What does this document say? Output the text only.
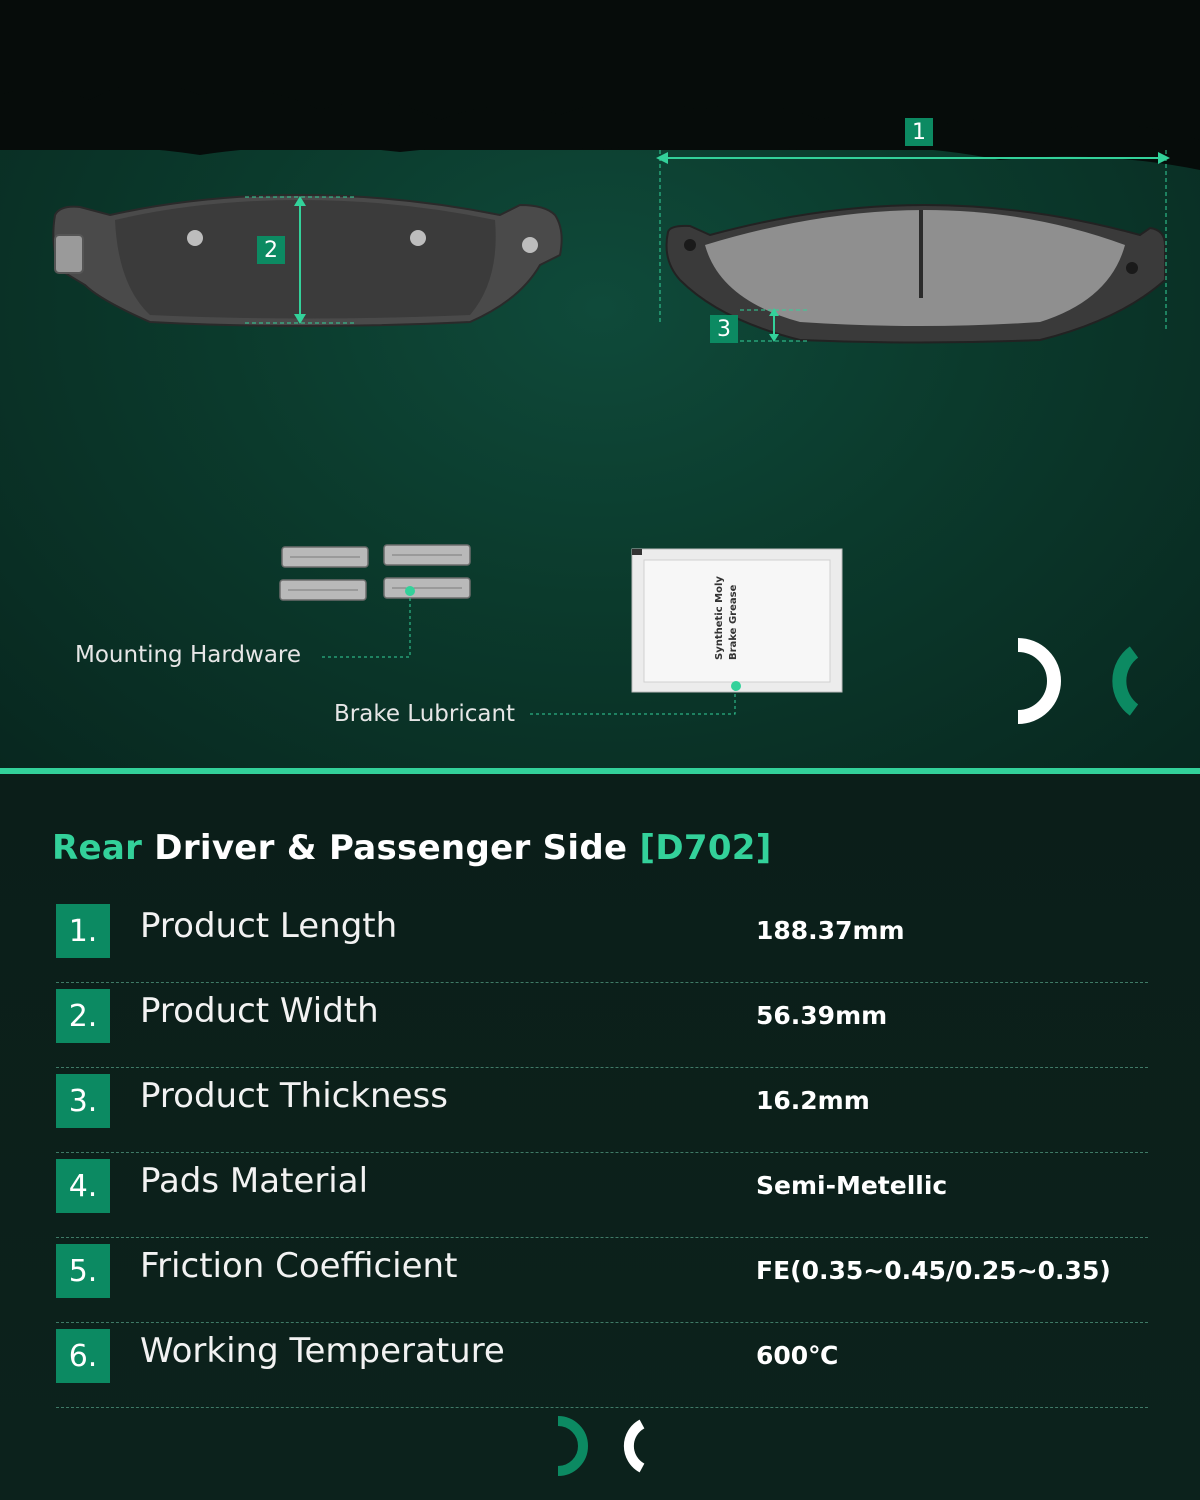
Synthetic Moly Brake Grease
1
2
3
Mounting Hardware
Brake Lubricant
Rear Driver & Passenger Side [D702]
1.	Product Length	188.37mm
2.	Product Width	56.39mm
3.	Product Thickness	16.2mm
4.	Pads Material	Semi-Metellic
5.	Friction Coefficient	FE(0.35~0.45/0.25~0.35)
6.	Working Temperature	600℃
